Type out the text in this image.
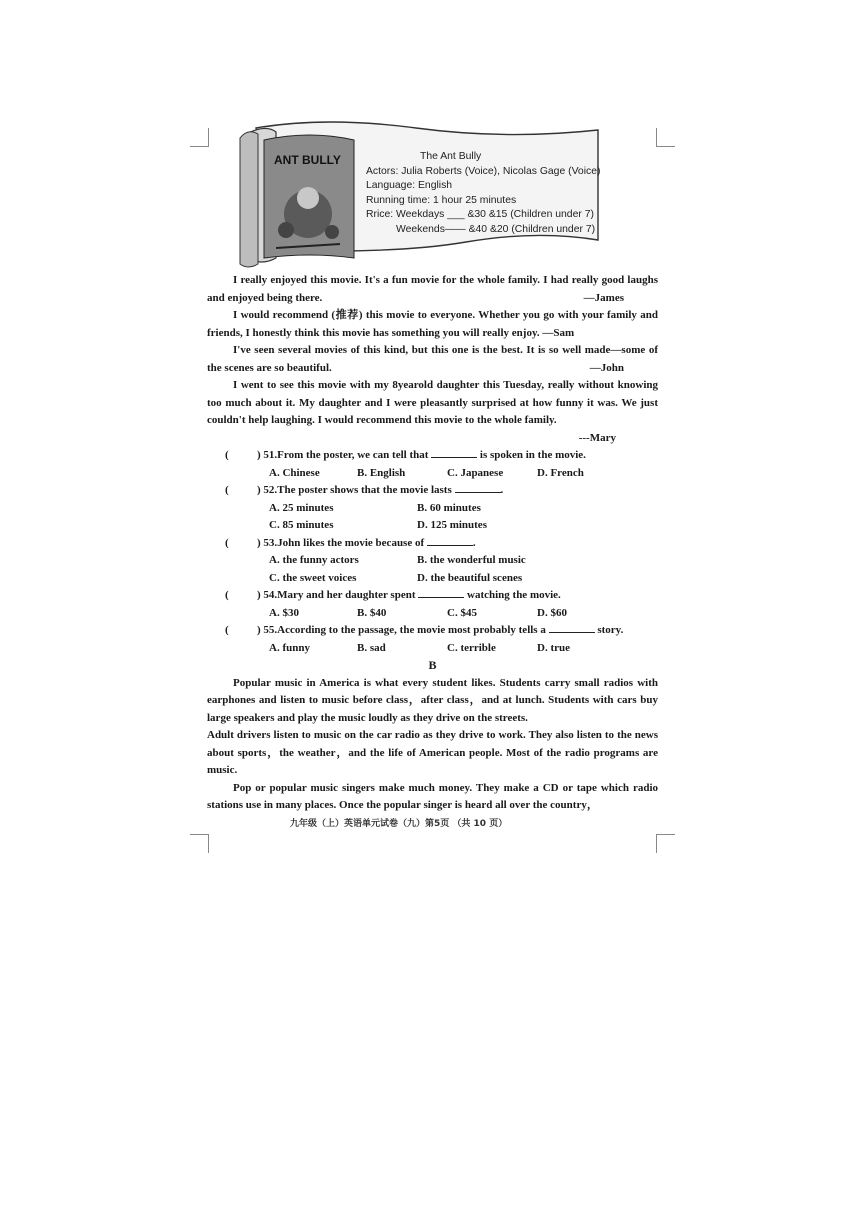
ANT BULLY	The Ant Bully
Actors: Julia Roberts (Voice), Nicolas Gage (Voice)
Language: English
Running time: 1 hour 25 minutes
Rrice: Weekdays ___ &30 &15 (Children under 7)
Weekends—— &40 &20 (Children under 7)

I really enjoyed this movie. It's a fun movie for the whole family. I had really good laughs and enjoyed being there.	—James

I would recommend (推荐) this movie to everyone. Whether you go with your family and friends, I honestly think this movie has something you will really enjoy. —Sam

I've seen several movies of this kind, but this one is the best. It is so well made—some of the scenes are so beautiful.	—John

I went to see this movie with my 8yearold daughter this Tuesday, really without knowing too much about it. My daughter and I were pleasantly surprised at how funny it was. We just couldn't help laughing. I would recommend this movie to the whole family.

---Mary

(	) 51.From the poster, we can tell that	is spoken in the movie.

A. Chinese	B. English	C. Japanese	D. French

(	) 52.The poster shows that the movie lasts	.

A. 25 minutes	B. 60 minutes

C. 85 minutes	D. 125 minutes

(	) 53.John likes the movie because of	.

A. the funny actors	B. the wonderful music

C. the sweet voices	D. the beautiful scenes

(	) 54.Mary and her daughter spent	watching the movie.

A. $30	B. $40	C. $45	D. $60

(	) 55.According to the passage, the movie most probably tells a	story.

A. funny	B. sad	C. terrible	D. true

B

Popular music in America is what every student likes. Students carry small radios with earphones and listen to music before class，after class，and at lunch. Students with cars buy large speakers and play the music loudly as they drive on the streets.

Adult drivers listen to music on the car radio as they drive to work. They also listen to the news about sports，the weather，and the life of American people. Most of the radio programs are music.

Pop or popular music singers make much money. They make a CD or tape which radio stations use in many places. Once the popular singer is heard all over the country，

九年级（上）英语单元试卷（九）第5页 （共 10 页）
